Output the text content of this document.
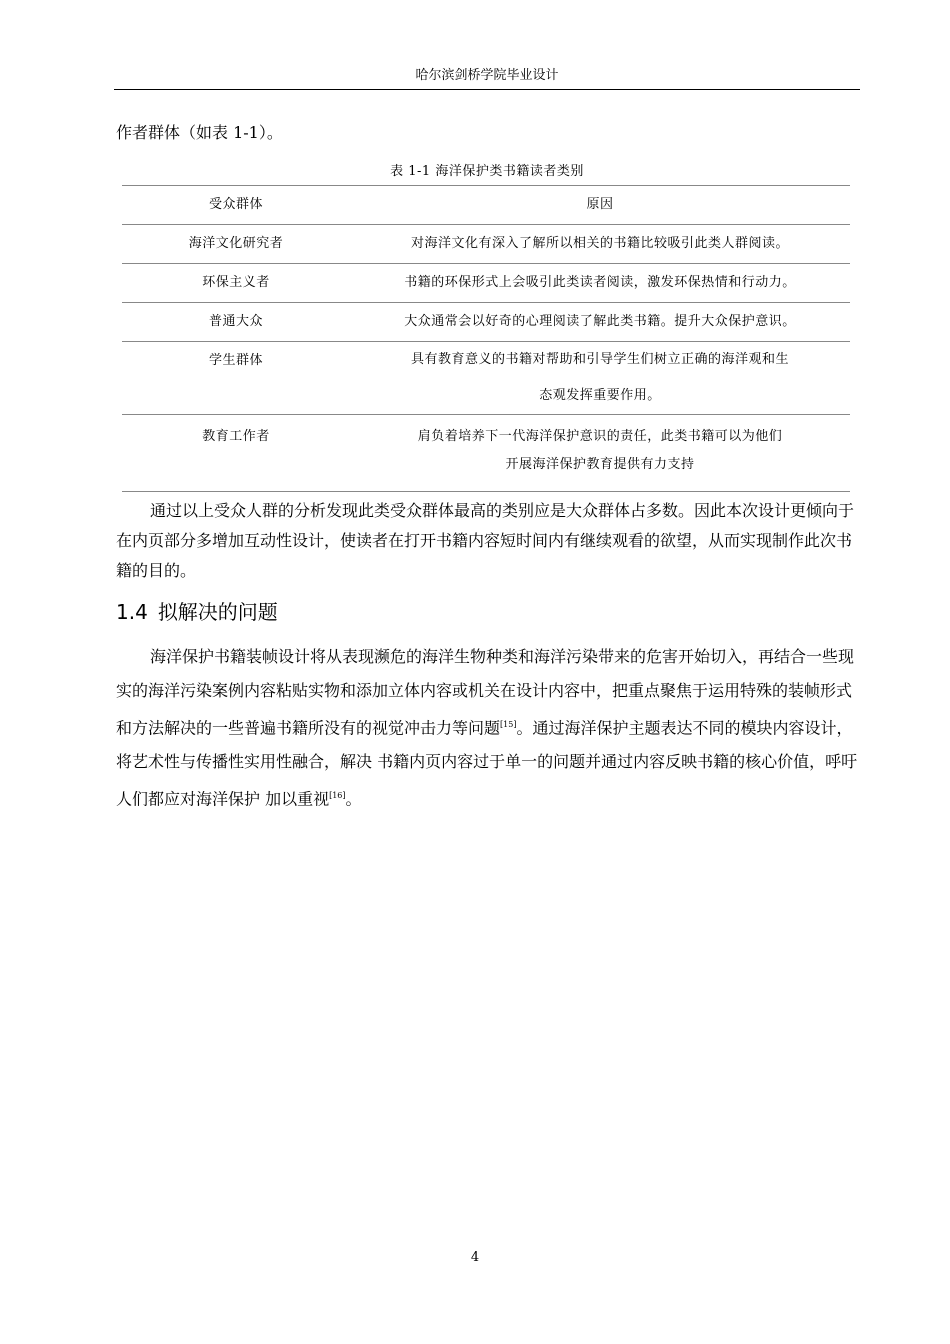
哈尔滨剑桥学院毕业设计
作者群体（如表 1-1）。
表 1-1 海洋保护类书籍读者类别
受众群体	原因
海洋文化研究者	对海洋文化有深入了解所以相关的书籍比较吸引此类人群阅读。
环保主义者	书籍的环保形式上会吸引此类读者阅读，激发环保热情和行动力。
普通大众	大众通常会以好奇的心理阅读了解此类书籍。提升大众保护意识。
学生群体	具有教育意义的书籍对帮助和引导学生们树立正确的海洋观和生
态观发挥重要作用。

教育工作者	肩负着培养下一代海洋保护意识的责任，此类书籍可以为他们
开展海洋保护教育提供有力支持

通过以上受众人群的分析发现此类受众群体最高的类别应是大众群体占多数。因此本次设计更倾向于在内页部分多增加互动性设计，使读者在打开书籍内容短时间内有继续观看的欲望，从而实现制作此次书籍的目的。

1.4 拟解决的问题

海洋保护书籍装帧设计将从表现濒危的海洋生物种类和海洋污染带来的危害开始切入，再结合一些现实的海洋污染案例内容粘贴实物和添加立体内容或机关在设计内容中，把重点聚焦于运用特殊的装帧形式和方法解决的一些普遍书籍所没有的视觉冲击力等问题[15]。通过海洋保护主题表达不同的模块内容设计，将艺术性与传播性实用性融合，解决 书籍内页内容过于单一的问题并通过内容反映书籍的核心价值，呼吁人们都应对海洋保护 加以重视[16]。

4
